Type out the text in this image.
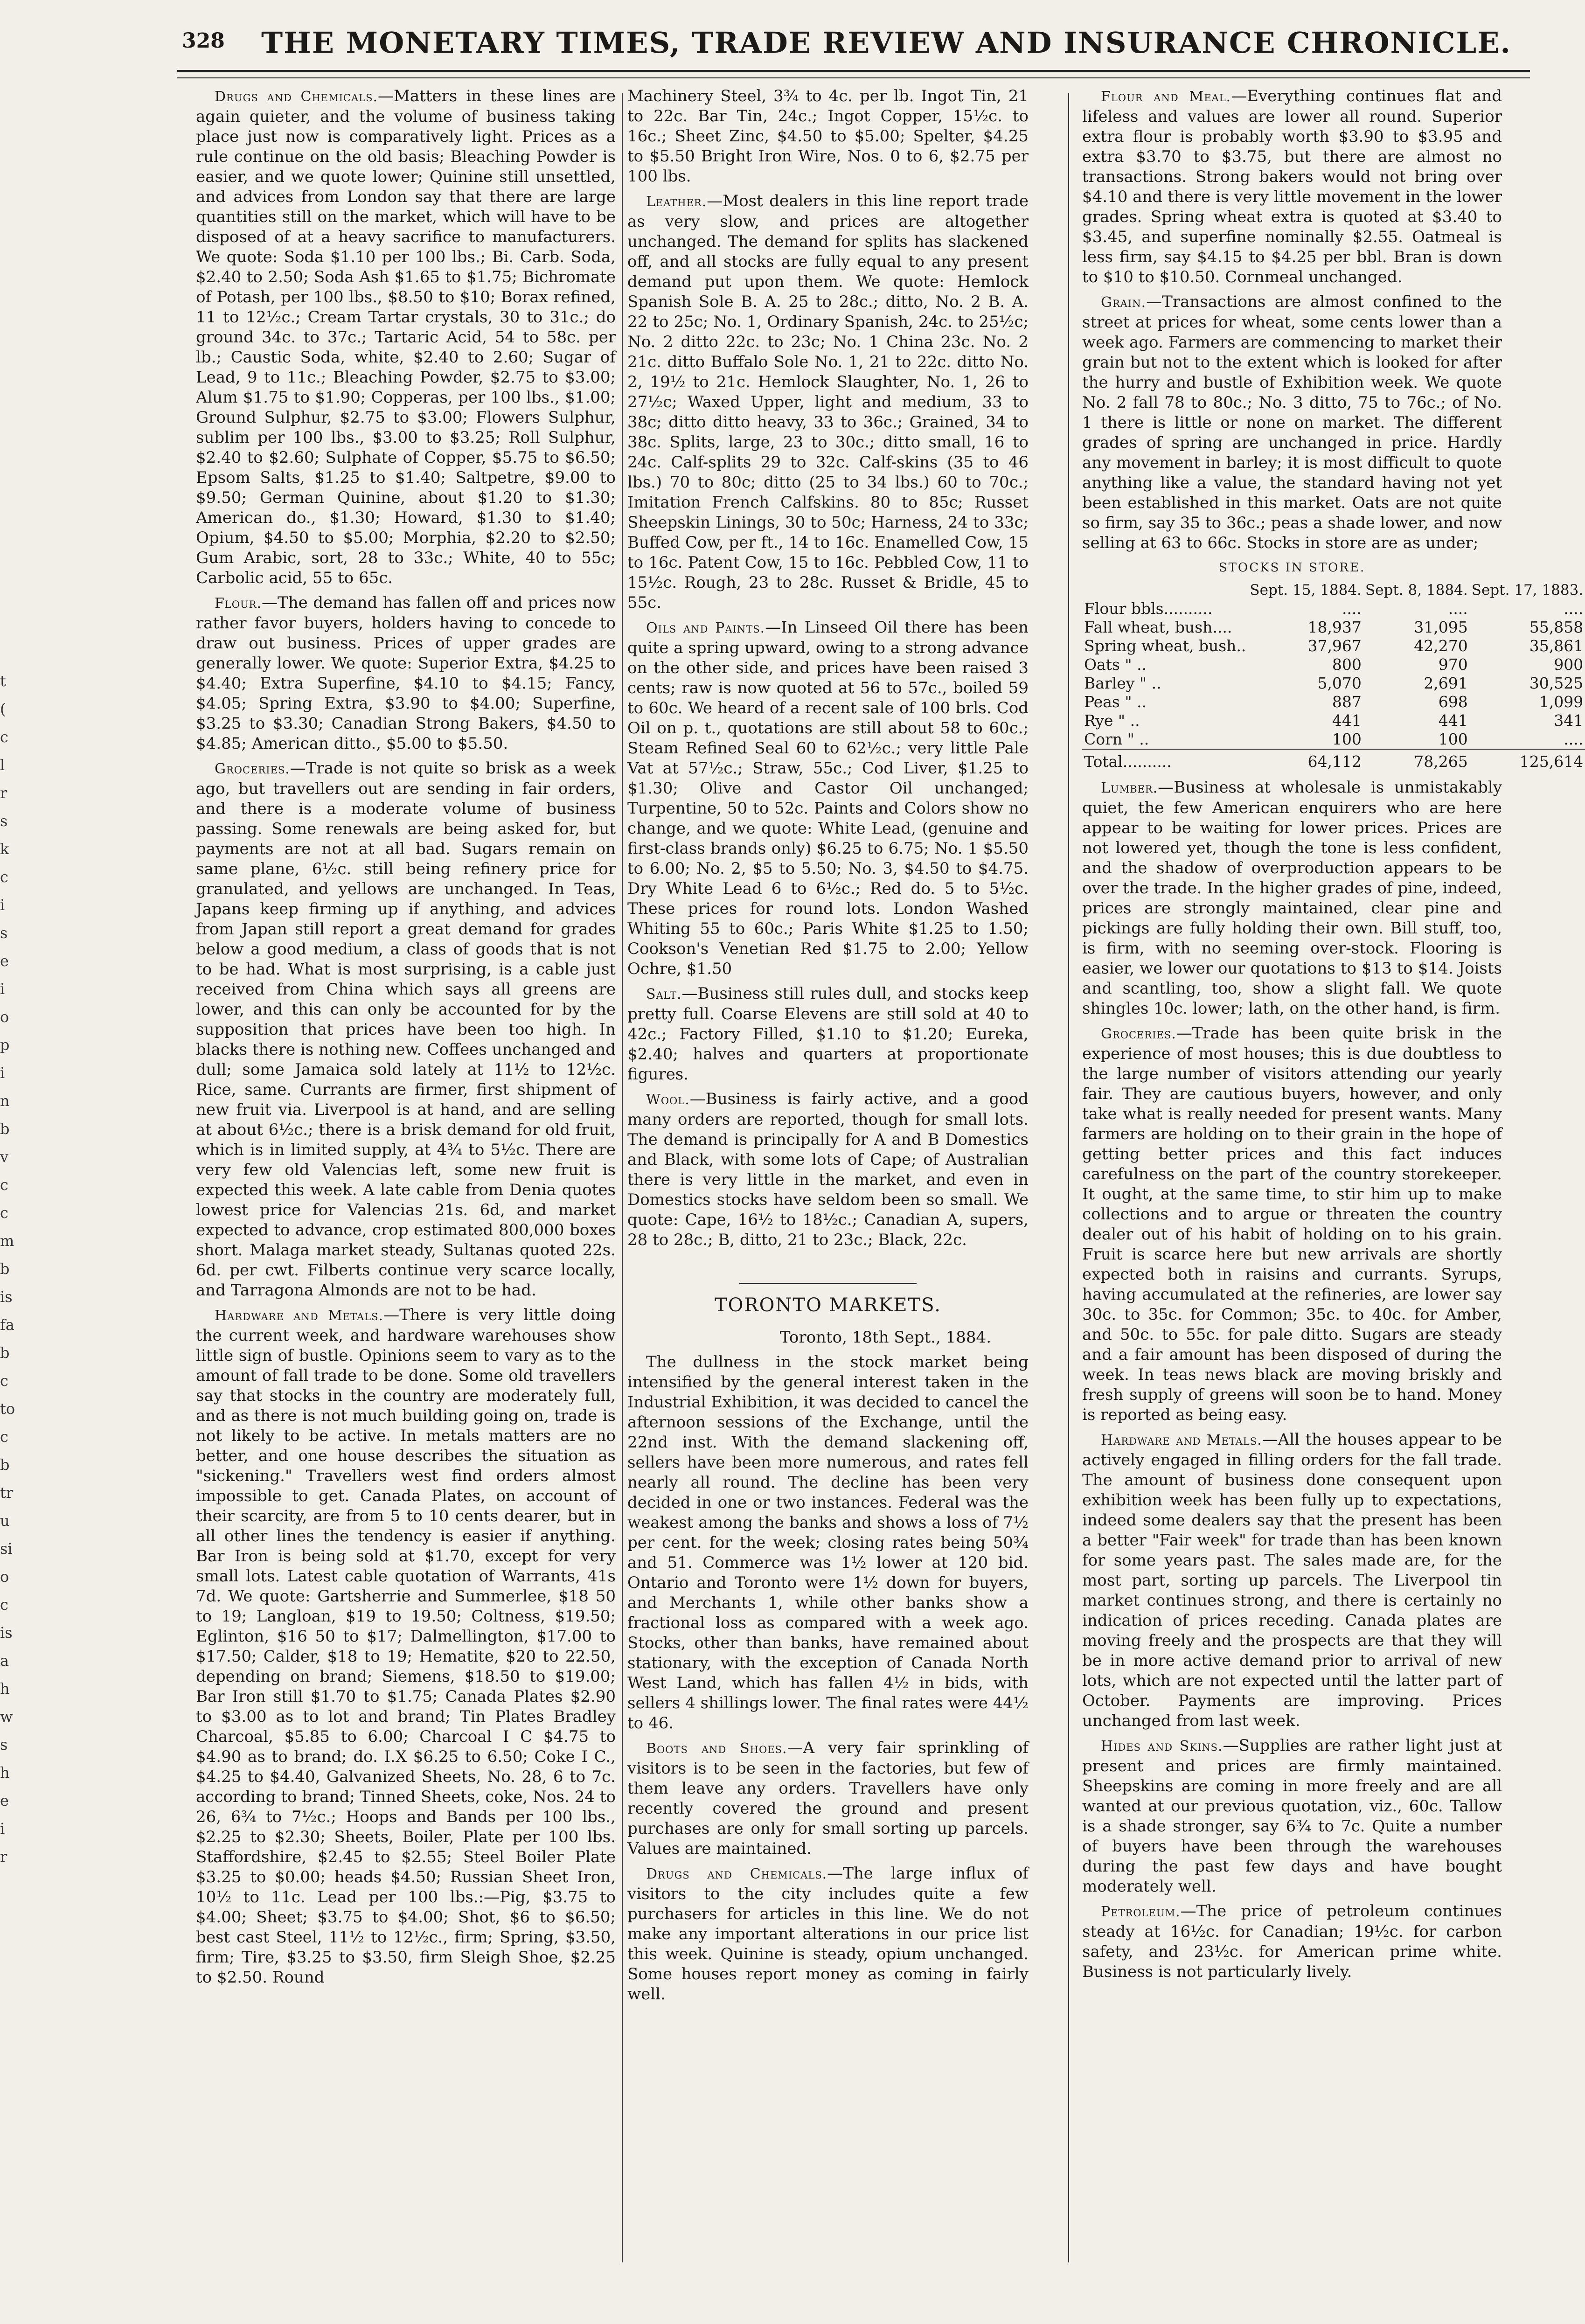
328 THE MONETARY TIMES, TRADE REVIEW AND INSURANCE CHRONICLE.
t
(
c
l
r
s
k
c
i
s
e
i
o
p
i
n
b
v
c
c
m
b
is
fa
b
c
to
c
b
tr
u
si
o
c
is
a
h
w
s
h
e
i
r

Drugs and Chemicals.—Matters in these lines are again quieter, and the volume of business taking place just now is comparatively light. Prices as a rule continue on the old basis; Bleaching Powder is easier, and we quote lower; Quinine still unsettled, and advices from London say that there are large quantities still on the market, which will have to be disposed of at a heavy sacrifice to manufacturers. We quote: Soda $1.10 per 100 lbs.; Bi. Carb. Soda, $2.40 to 2.50; Soda Ash $1.65 to $1.75; Bichromate of Potash, per 100 lbs., $8.50 to $10; Borax refined, 11 to 12½c.; Cream Tartar crystals, 30 to 31c.; do ground 34c. to 37c.; Tartaric Acid, 54 to 58c. per lb.; Caustic Soda, white, $2.40 to 2.60; Sugar of Lead, 9 to 11c.; Bleaching Powder, $2.75 to $3.00; Alum $1.75 to $1.90; Copperas, per 100 lbs., $1.00; Ground Sulphur, $2.75 to $3.00; Flowers Sulphur, sublim per 100 lbs., $3.00 to $3.25; Roll Sulphur, $2.40 to $2.60; Sulphate of Copper, $5.75 to $6.50; Epsom Salts, $1.25 to $1.40; Saltpetre, $9.00 to $9.50; German Quinine, about $1.20 to $1.30; American do., $1.30; Howard, $1.30 to $1.40; Opium, $4.50 to $5.00; Morphia, $2.20 to $2.50; Gum Arabic, sort, 28 to 33c.; White, 40 to 55c; Carbolic acid, 55 to 65c.

Flour.—The demand has fallen off and prices now rather favor buyers, holders having to concede to draw out business. Prices of upper grades are generally lower. We quote: Superior Extra, $4.25 to $4.40; Extra Superfine, $4.10 to $4.15; Fancy, $4.05; Spring Extra, $3.90 to $4.00; Superfine, $3.25 to $3.30; Canadian Strong Bakers, $4.50 to $4.85; American ditto., $5.00 to $5.50.

Groceries.—Trade is not quite so brisk as a week ago, but travellers out are sending in fair orders, and there is a moderate volume of business passing. Some renewals are being asked for, but payments are not at all bad. Sugars remain on same plane, 6½c. still being refinery price for granulated, and yellows are unchanged. In Teas, Japans keep firming up if anything, and advices from Japan still report a great demand for grades below a good medium, a class of goods that is not to be had. What is most surprising, is a cable just received from China which says all greens are lower, and this can only be accounted for by the supposition that prices have been too high. In blacks there is nothing new. Coffees unchanged and dull; some Jamaica sold lately at 11½ to 12½c. Rice, same. Currants are firmer, first shipment of new fruit via. Liverpool is at hand, and are selling at about 6½c.; there is a brisk demand for old fruit, which is in limited supply, at 4¾ to 5½c. There are very few old Valencias left, some new fruit is expected this week. A late cable from Denia quotes lowest price for Valencias 21s. 6d, and market expected to advance, crop estimated 800,000 boxes short. Malaga market steady, Sultanas quoted 22s. 6d. per cwt. Filberts continue very scarce locally, and Tarragona Almonds are not to be had.

Hardware and Metals.—There is very little doing the current week, and hardware warehouses show little sign of bustle. Opinions seem to vary as to the amount of fall trade to be done. Some old travellers say that stocks in the country are moderately full, and as there is not much building going on, trade is not likely to be active. In metals matters are no better, and one house describes the situation as "sickening." Travellers west find orders almost impossible to get. Canada Plates, on account of their scarcity, are from 5 to 10 cents dearer, but in all other lines the tendency is easier if anything. Bar Iron is being sold at $1.70, except for very small lots. Latest cable quotation of Warrants, 41s 7d. We quote: Gartsherrie and Summerlee, $18 50 to 19; Langloan, $19 to 19.50; Coltness, $19.50; Eglinton, $16 50 to $17; Dalmellington, $17.00 to $17.50; Calder, $18 to 19; Hematite, $20 to 22.50, depending on brand; Siemens, $18.50 to $19.00; Bar Iron still $1.70 to $1.75; Canada Plates $2.90 to $3.00 as to lot and brand; Tin Plates Bradley Charcoal, $5.85 to 6.00; Charcoal I C $4.75 to $4.90 as to brand; do. I.X $6.25 to 6.50; Coke I C., $4.25 to $4.40, Galvanized Sheets, No. 28, 6 to 7c. according to brand; Tinned Sheets, coke, Nos. 24 to 26, 6¾ to 7½c.; Hoops and Bands per 100 lbs., $2.25 to $2.30; Sheets, Boiler, Plate per 100 lbs. Staffordshire, $2.45 to $2.55; Steel Boiler Plate $3.25 to $0.00; heads $4.50; Russian Sheet Iron, 10½ to 11c. Lead per 100 lbs.:—Pig, $3.75 to $4.00; Sheet; $3.75 to $4.00; Shot, $6 to $6.50; best cast Steel, 11½ to 12½c., firm; Spring, $3.50, firm; Tire, $3.25 to $3.50, firm Sleigh Shoe, $2.25 to $2.50. Round

Machinery Steel, 3¾ to 4c. per lb. Ingot Tin, 21 to 22c. Bar Tin, 24c.; Ingot Copper, 15½c. to 16c.; Sheet Zinc, $4.50 to $5.00; Spelter, $4.25 to $5.50 Bright Iron Wire, Nos. 0 to 6, $2.75 per 100 lbs.

Leather.—Most dealers in this line report trade as very slow, and prices are altogether unchanged. The demand for splits has slackened off, and all stocks are fully equal to any present demand put upon them. We quote: Hemlock Spanish Sole B. A. 25 to 28c.; ditto, No. 2 B. A. 22 to 25c; No. 1, Ordinary Spanish, 24c. to 25½c; No. 2 ditto 22c. to 23c; No. 1 China 23c. No. 2 21c. ditto Buffalo Sole No. 1, 21 to 22c. ditto No. 2, 19½ to 21c. Hemlock Slaughter, No. 1, 26 to 27½c; Waxed Upper, light and medium, 33 to 38c; ditto ditto heavy, 33 to 36c.; Grained, 34 to 38c. Splits, large, 23 to 30c.; ditto small, 16 to 24c. Calf-splits 29 to 32c. Calf-skins (35 to 46 lbs.) 70 to 80c; ditto (25 to 34 lbs.) 60 to 70c.; Imitation French Calfskins. 80 to 85c; Russet Sheepskin Linings, 30 to 50c; Harness, 24 to 33c; Buffed Cow, per ft., 14 to 16c. Enamelled Cow, 15 to 16c. Patent Cow, 15 to 16c. Pebbled Cow, 11 to 15½c. Rough, 23 to 28c. Russet & Bridle, 45 to 55c.

Oils and Paints.—In Linseed Oil there has been quite a spring upward, owing to a strong advance on the other side, and prices have been raised 3 cents; raw is now quoted at 56 to 57c., boiled 59 to 60c. We heard of a recent sale of 100 brls. Cod Oil on p. t., quotations are still about 58 to 60c.; Steam Refined Seal 60 to 62½c.; very little Pale Vat at 57½c.; Straw, 55c.; Cod Liver, $1.25 to $1.30; Olive and Castor Oil unchanged; Turpentine, 50 to 52c. Paints and Colors show no change, and we quote: White Lead, (genuine and first-class brands only) $6.25 to 6.75; No. 1 $5.50 to 6.00; No. 2, $5 to 5.50; No. 3, $4.50 to $4.75. Dry White Lead 6 to 6½c.; Red do. 5 to 5½c. These prices for round lots. London Washed Whiting 55 to 60c.; Paris White $1.25 to 1.50; Cookson's Venetian Red $1.75 to 2.00; Yellow Ochre, $1.50

Salt.—Business still rules dull, and stocks keep pretty full. Coarse Elevens are still sold at 40 to 42c.; Factory Filled, $1.10 to $1.20; Eureka, $2.40; halves and quarters at proportionate figures.

Wool.—Business is fairly active, and a good many orders are reported, though for small lots. The demand is principally for A and B Domestics and Black, with some lots of Cape; of Australian there is very little in the market, and even in Domestics stocks have seldom been so small. We quote: Cape, 16½ to 18½c.; Canadian A, supers, 28 to 28c.; B, ditto, 21 to 23c.; Black, 22c.

TORONTO MARKETS.
Toronto, 18th Sept., 1884.

The dullness in the stock market being intensified by the general interest taken in the Industrial Exhibition, it was decided to cancel the afternoon sessions of the Exchange, until the 22nd inst. With the demand slackening off, sellers have been more numerous, and rates fell nearly all round. The decline has been very decided in one or two instances. Federal was the weakest among the banks and shows a loss of 7½ per cent. for the week; closing rates being 50¾ and 51. Commerce was 1½ lower at 120 bid. Ontario and Toronto were 1½ down for buyers, and Merchants 1, while other banks show a fractional loss as compared with a week ago. Stocks, other than banks, have remained about stationary, with the exception of Canada North West Land, which has fallen 4½ in bids, with sellers 4 shillings lower. The final rates were 44½ to 46.

Boots and Shoes.—A very fair sprinkling of visitors is to be seen in the factories, but few of them leave any orders. Travellers have only recently covered the ground and present purchases are only for small sorting up parcels. Values are maintained.

Drugs and Chemicals.—The large influx of visitors to the city includes quite a few purchasers for articles in this line. We do not make any important alterations in our price list this week. Quinine is steady, opium unchanged. Some houses report money as coming in fairly well.

Flour and Meal.—Everything continues flat and lifeless and values are lower all round. Superior extra flour is probably worth $3.90 to $3.95 and extra $3.70 to $3.75, but there are almost no transactions. Strong bakers would not bring over $4.10 and there is very little movement in the lower grades. Spring wheat extra is quoted at $3.40 to $3.45, and superfine nominally $2.55. Oatmeal is less firm, say $4.15 to $4.25 per bbl. Bran is down to $10 to $10.50. Cornmeal unchanged.

Grain.—Transactions are almost confined to the street at prices for wheat, some cents lower than a week ago. Farmers are commencing to market their grain but not to the extent which is looked for after the hurry and bustle of Exhibition week. We quote No. 2 fall 78 to 80c.; No. 3 ditto, 75 to 76c.; of No. 1 there is little or none on market. The different grades of spring are unchanged in price. Hardly any movement in barley; it is most difficult to quote anything like a value, the standard having not yet been established in this market. Oats are not quite so firm, say 35 to 36c.; peas a shade lower, and now selling at 63 to 66c. Stocks in store are as under;

STOCKS IN STORE.
	Sept. 15, 1884.	Sept. 8, 1884.	Sept. 17, 1883.
Flour bbls..........	....	....	....
Fall wheat, bush....	18,937	31,095	55,858
Spring wheat, bush..	37,967	42,270	35,861
Oats " ..	800	970	900
Barley " ..	5,070	2,691	30,525
Peas " ..	887	698	1,099
Rye " ..	441	441	341
Corn " ..	100	100	....
Total..........	64,112	78,265	125,614

Lumber.—Business at wholesale is unmistakably quiet, the few American enquirers who are here appear to be waiting for lower prices. Prices are not lowered yet, though the tone is less confident, and the shadow of overproduction appears to be over the trade. In the higher grades of pine, indeed, prices are strongly maintained, clear pine and pickings are fully holding their own. Bill stuff, too, is firm, with no seeming over-stock. Flooring is easier, we lower our quotations to $13 to $14. Joists and scantling, too, show a slight fall. We quote shingles 10c. lower; lath, on the other hand, is firm.

Groceries.—Trade has been quite brisk in the experience of most houses; this is due doubtless to the large number of visitors attending our yearly fair. They are cautious buyers, however, and only take what is really needed for present wants. Many farmers are holding on to their grain in the hope of getting better prices and this fact induces carefulness on the part of the country storekeeper. It ought, at the same time, to stir him up to make collections and to argue or threaten the country dealer out of his habit of holding on to his grain. Fruit is scarce here but new arrivals are shortly expected both in raisins and currants. Syrups, having accumulated at the refineries, are lower say 30c. to 35c. for Common; 35c. to 40c. for Amber, and 50c. to 55c. for pale ditto. Sugars are steady and a fair amount has been disposed of during the week. In teas news black are moving briskly and fresh supply of greens will soon be to hand. Money is reported as being easy.

Hardware and Metals.—All the houses appear to be actively engaged in filling orders for the fall trade. The amount of business done consequent upon exhibition week has been fully up to expectations, indeed some dealers say that the present has been a better "Fair week" for trade than has been known for some years past. The sales made are, for the most part, sorting up parcels. The Liverpool tin market continues strong, and there is certainly no indication of prices receding. Canada plates are moving freely and the prospects are that they will be in more active demand prior to arrival of new lots, which are not expected until the latter part of October. Payments are improving. Prices unchanged from last week.

Hides and Skins.—Supplies are rather light just at present and prices are firmly maintained. Sheepskins are coming in more freely and are all wanted at our previous quotation, viz., 60c. Tallow is a shade stronger, say 6¾ to 7c. Quite a number of buyers have been through the warehouses during the past few days and have bought moderately well.

Petroleum.—The price of petroleum continues steady at 16½c. for Canadian; 19½c. for carbon safety, and 23½c. for American prime white. Business is not particularly lively.
